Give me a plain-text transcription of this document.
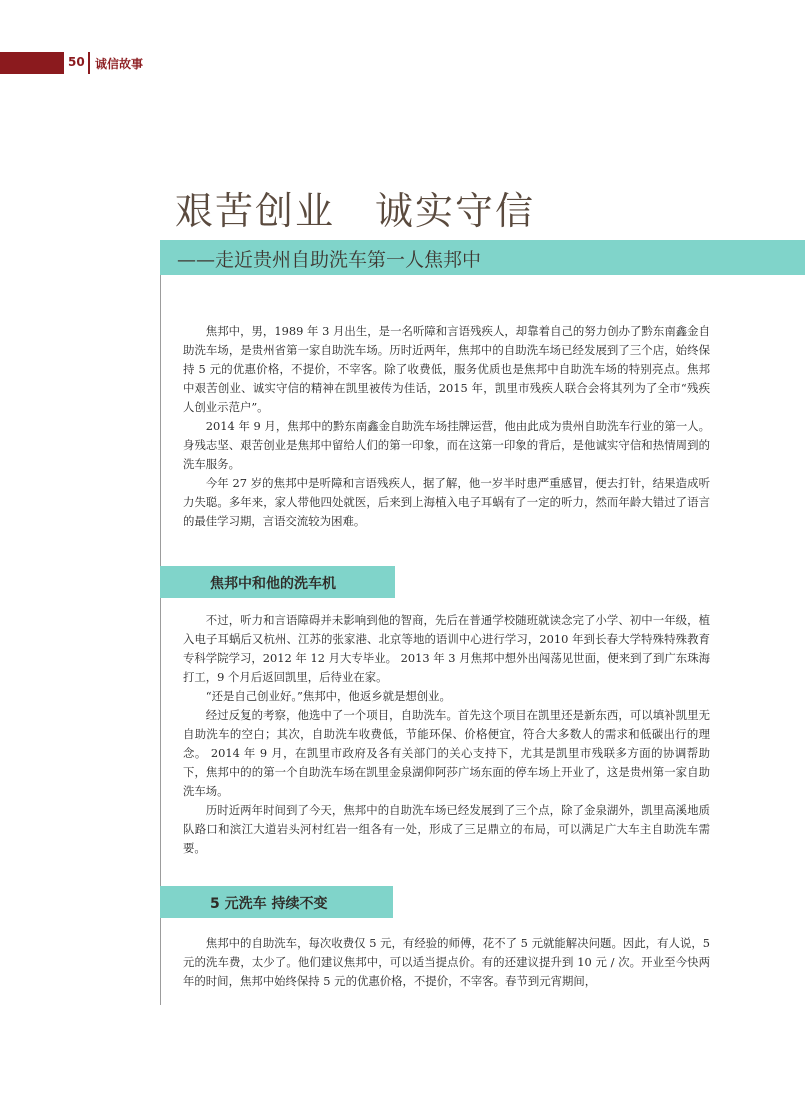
50 诚信故事
艰苦创业　诚实守信
——走近贵州自助洗车第一人焦邦中

焦邦中，男，1989 年 3 月出生，是一名听障和言语残疾人，却靠着自己的努力创办了黔东南鑫金自助洗车场，是贵州省第一家自助洗车场。历时近两年，焦邦中的自助洗车场已经发展到了三个店，始终保持 5 元的优惠价格，不提价，不宰客。除了收费低，服务优质也是焦邦中自助洗车场的特别亮点。焦邦中艰苦创业、诚实守信的精神在凯里被传为佳话，2015 年，凯里市残疾人联合会将其列为了全市“残疾人创业示范户”。

2014 年 9 月，焦邦中的黔东南鑫金自助洗车场挂牌运营，他由此成为贵州自助洗车行业的第一人。身残志坚、艰苦创业是焦邦中留给人们的第一印象，而在这第一印象的背后，是他诚实守信和热情周到的洗车服务。

今年 27 岁的焦邦中是听障和言语残疾人，据了解，他一岁半时患严重感冒，便去打针，结果造成听力失聪。多年来，家人带他四处就医，后来到上海植入电子耳蜗有了一定的听力，然而年龄大错过了语言的最佳学习期，言语交流较为困难。

焦邦中和他的洗车机

不过，听力和言语障碍并未影响到他的智商，先后在普通学校随班就读念完了小学、初中一年级，植入电子耳蜗后又杭州、江苏的张家港、北京等地的语训中心进行学习，2010 年到长春大学特殊特殊教育专科学院学习，2012 年 12 月大专毕业。 2013 年 3 月焦邦中想外出闯荡见世面，便来到了到广东珠海打工，9 个月后返回凯里，后待业在家。

“还是自己创业好。”焦邦中，他返乡就是想创业。

经过反复的考察，他选中了一个项目，自助洗车。首先这个项目在凯里还是新东西，可以填补凯里无自助洗车的空白；其次，自助洗车收费低，节能环保、价格便宜，符合大多数人的需求和低碳出行的理念。 2014 年 9 月，在凯里市政府及各有关部门的关心支持下，尤其是凯里市残联多方面的协调帮助下，焦邦中的的第一个自助洗车场在凯里金泉湖仰阿莎广场东面的停车场上开业了，这是贵州第一家自助洗车场。

历时近两年时间到了今天，焦邦中的自助洗车场已经发展到了三个点，除了金泉湖外，凯里高溪地质队路口和滨江大道岩头河村红岩一组各有一处，形成了三足鼎立的布局，可以满足广大车主自助洗车需要。

5 元洗车 持续不变

焦邦中的自助洗车，每次收费仅 5 元，有经验的师傅，花不了 5 元就能解决问题。因此，有人说，5 元的洗车费，太少了。他们建议焦邦中，可以适当提点价。有的还建议提升到 10 元 / 次。开业至今快两年的时间，焦邦中始终保持 5 元的优惠价格，不提价，不宰客。春节到元宵期间，
